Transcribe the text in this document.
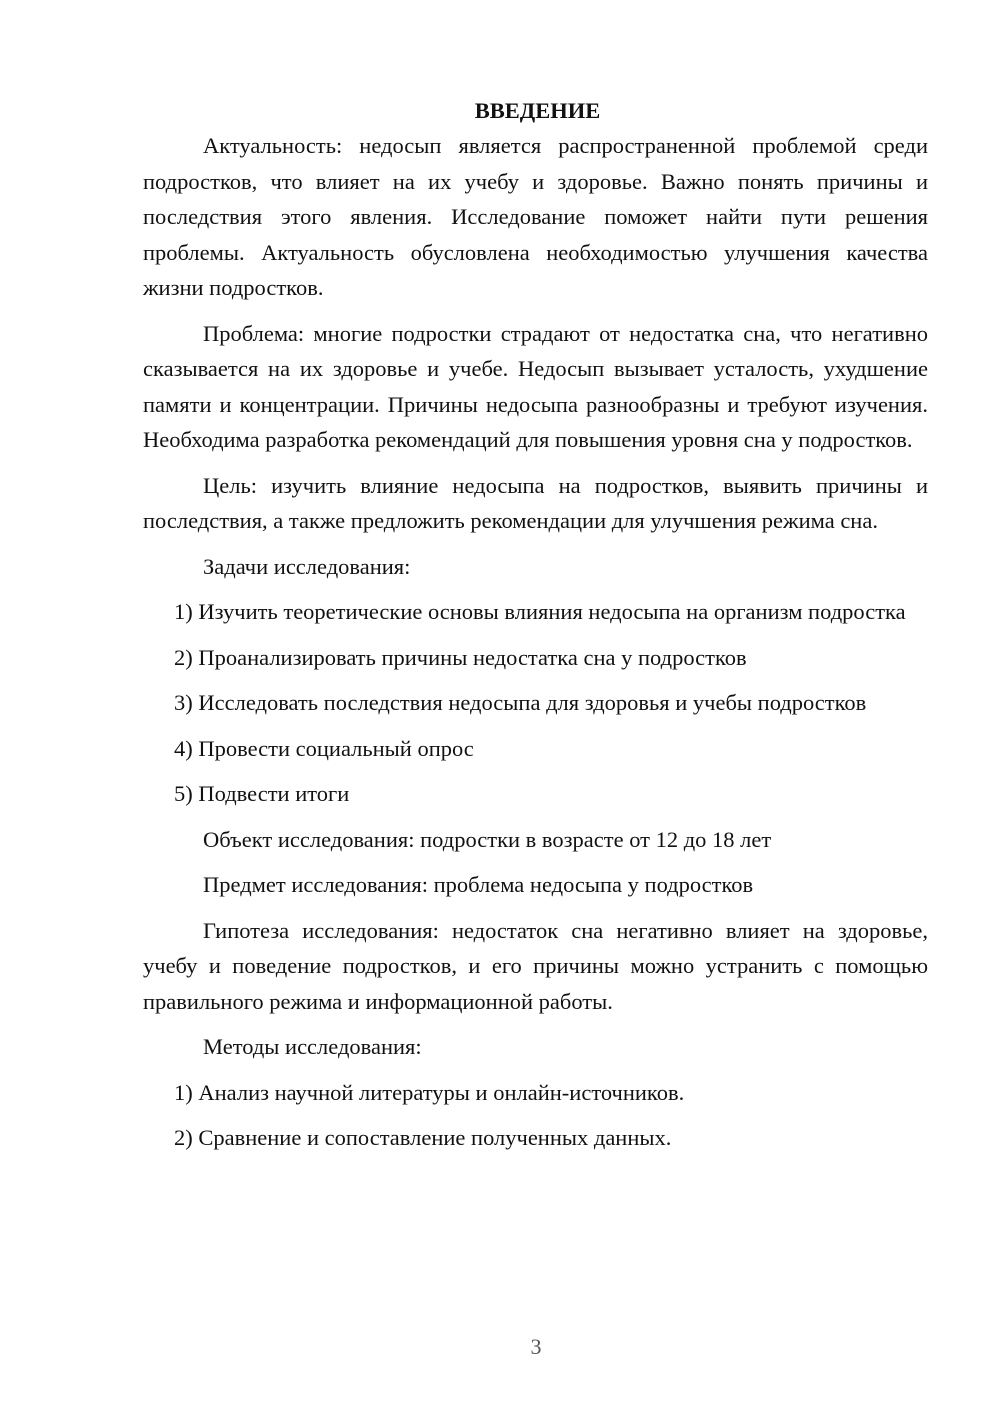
ВВЕДЕНИЕ

Актуальность: недосып является распространенной проблемой среди подростков, что влияет на их учебу и здоровье. Важно понять причины и последствия этого явления. Исследование поможет найти пути решения проблемы. Актуальность обусловлена необходимостью улучшения качества жизни подростков.

Проблема: многие подростки страдают от недостатка сна, что негативно сказывается на их здоровье и учебе. Недосып вызывает усталость, ухудшение памяти и концентрации. Причины недосыпа разнообразны и требуют изучения. Необходима разработка рекомендаций для повышения уровня сна у подростков.

Цель: изучить влияние недосыпа на подростков, выявить причины и последствия, а также предложить рекомендации для улучшения режима сна.

Задачи исследования:

1) Изучить теоретические основы влияния недосыпа на организм подростка

2) Проанализировать причины недостатка сна у подростков

3) Исследовать последствия недосыпа для здоровья и учебы подростков

4) Провести социальный опрос

5) Подвести итоги

Объект исследования: подростки в возрасте от 12 до 18 лет

Предмет исследования: проблема недосыпа у подростков

Гипотеза исследования: недостаток сна негативно влияет на здоровье, учебу и поведение подростков, и его причины можно устранить с помощью правильного режима и информационной работы.

Методы исследования:

1) Анализ научной литературы и онлайн-источников.

2) Сравнение и сопоставление полученных данных.

3
